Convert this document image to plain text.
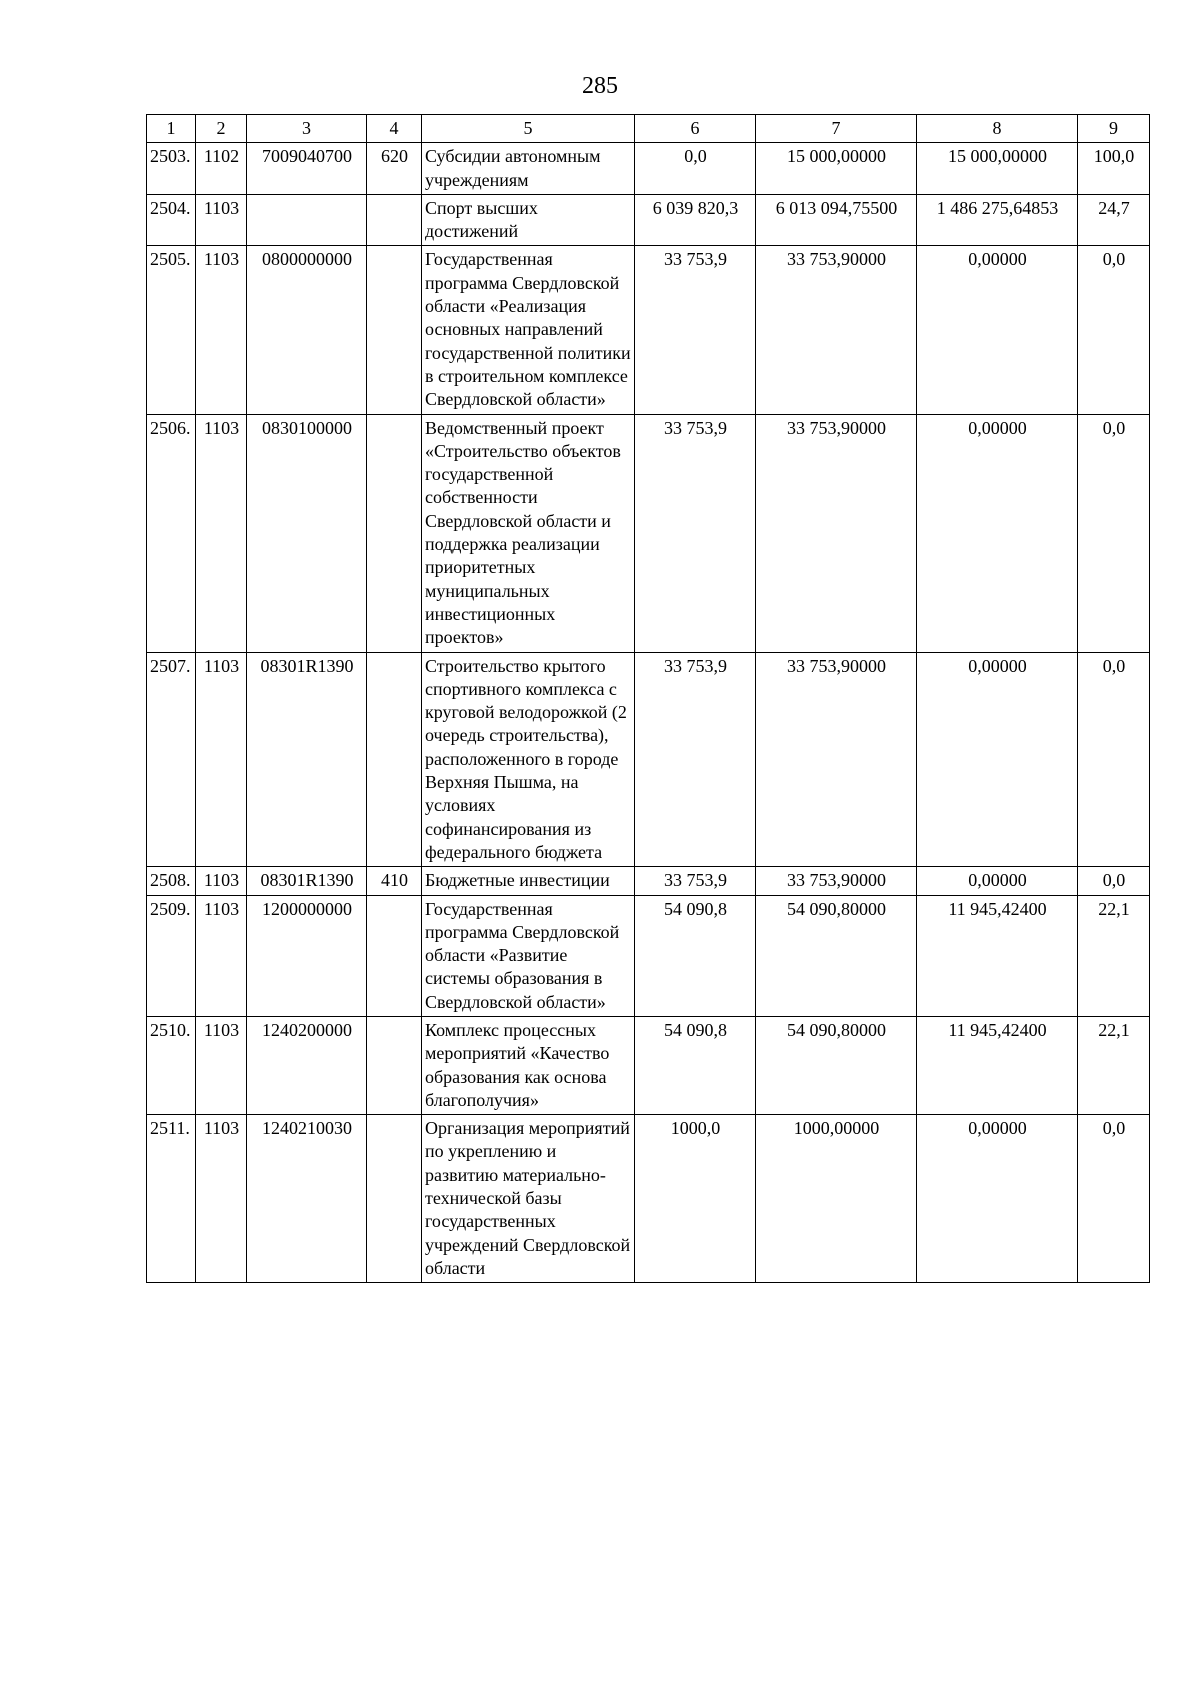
285
1	2	3	4	5	6	7	8	9
2503.	1102	7009040700	620	Субсидии автономным учреждениям	0,0	15 000,00000	15 000,00000	100,0
2504.	1103			Спорт высших достижений	6 039 820,3	6 013 094,75500	1 486 275,64853	24,7
2505.	1103	0800000000		Государственная программа Свердловской области «Реализация основных направлений государственной политики в строительном комплексе Свердловской области»	33 753,9	33 753,90000	0,00000	0,0
2506.	1103	0830100000		Ведомственный проект «Строительство объектов государственной собственности Свердловской области и поддержка реализации приоритетных муниципальных инвестиционных проектов»	33 753,9	33 753,90000	0,00000	0,0
2507.	1103	08301R1390		Строительство крытого спортивного комплекса с круговой велодорожкой (2 очередь строительства), расположенного в городе Верхняя Пышма, на условиях софинансирования из федерального бюджета	33 753,9	33 753,90000	0,00000	0,0
2508.	1103	08301R1390	410	Бюджетные инвестиции	33 753,9	33 753,90000	0,00000	0,0
2509.	1103	1200000000		Государственная программа Свердловской области «Развитие системы образования в Свердловской области»	54 090,8	54 090,80000	11 945,42400	22,1
2510.	1103	1240200000		Комплекс процессных мероприятий «Качество образования как основа благополучия»	54 090,8	54 090,80000	11 945,42400	22,1
2511.	1103	1240210030		Организация мероприятий по укреплению и развитию материально-технической базы государственных учреждений Свердловской области	1000,0	1000,00000	0,00000	0,0
